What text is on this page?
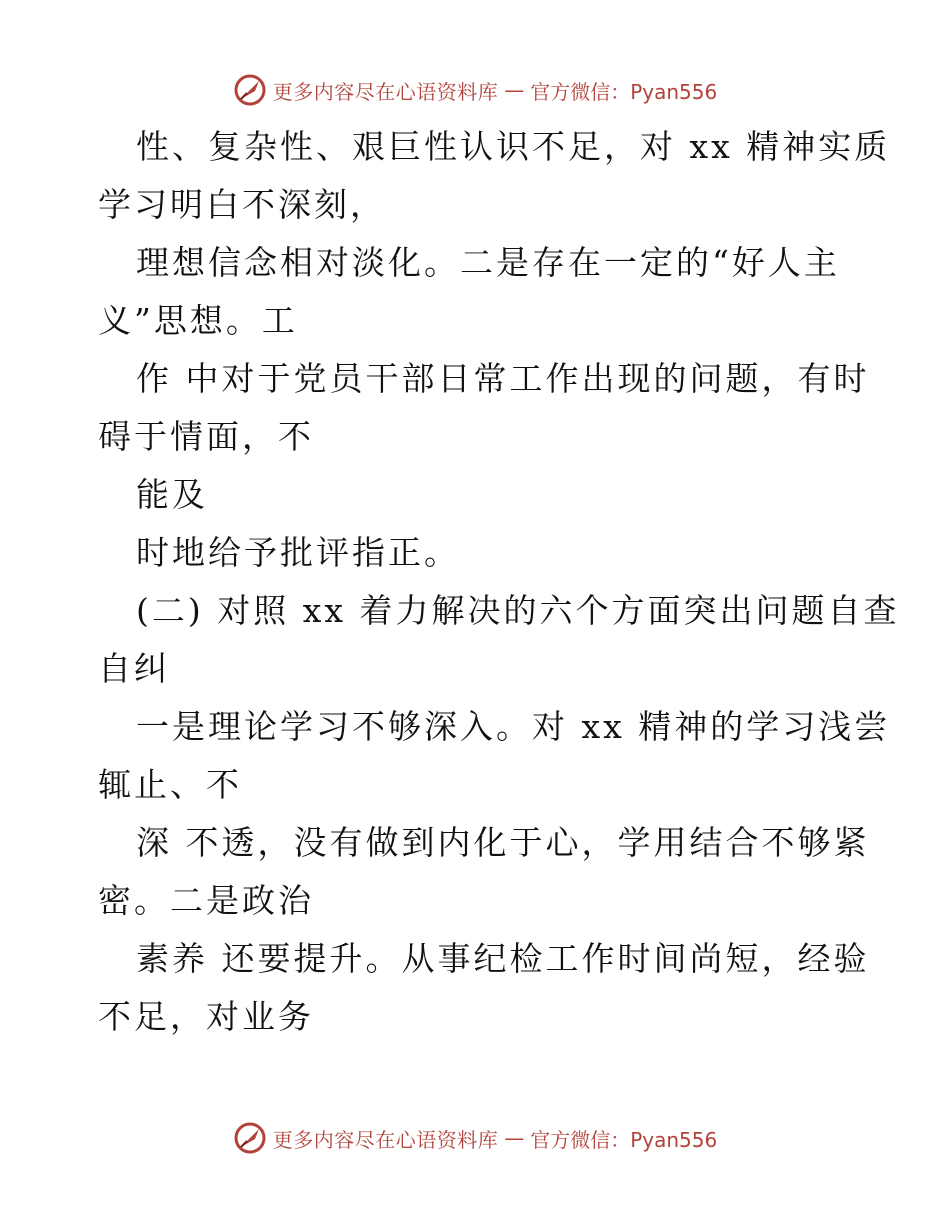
更多内容尽在心语资料库 — 官方微信：Pyan556
性、复杂性、艰巨性认识不足，对 xx 精神实质
学习明白不深刻，
理想信念相对淡化。二是存在一定的“好人主
义”思想。工
作 中对于党员干部日常工作出现的问题，有时
碍于情面，不
能及
时地给予批评指正。
(二) 对照 xx 着力解决的六个方面突出问题自查
自纠
一是理论学习不够深入。对 xx 精神的学习浅尝
辄止、不
深 不透，没有做到内化于心，学用结合不够紧
密。二是政治
素养 还要提升。从事纪检工作时间尚短，经验
不足，对业务
更多内容尽在心语资料库 — 官方微信：Pyan556
